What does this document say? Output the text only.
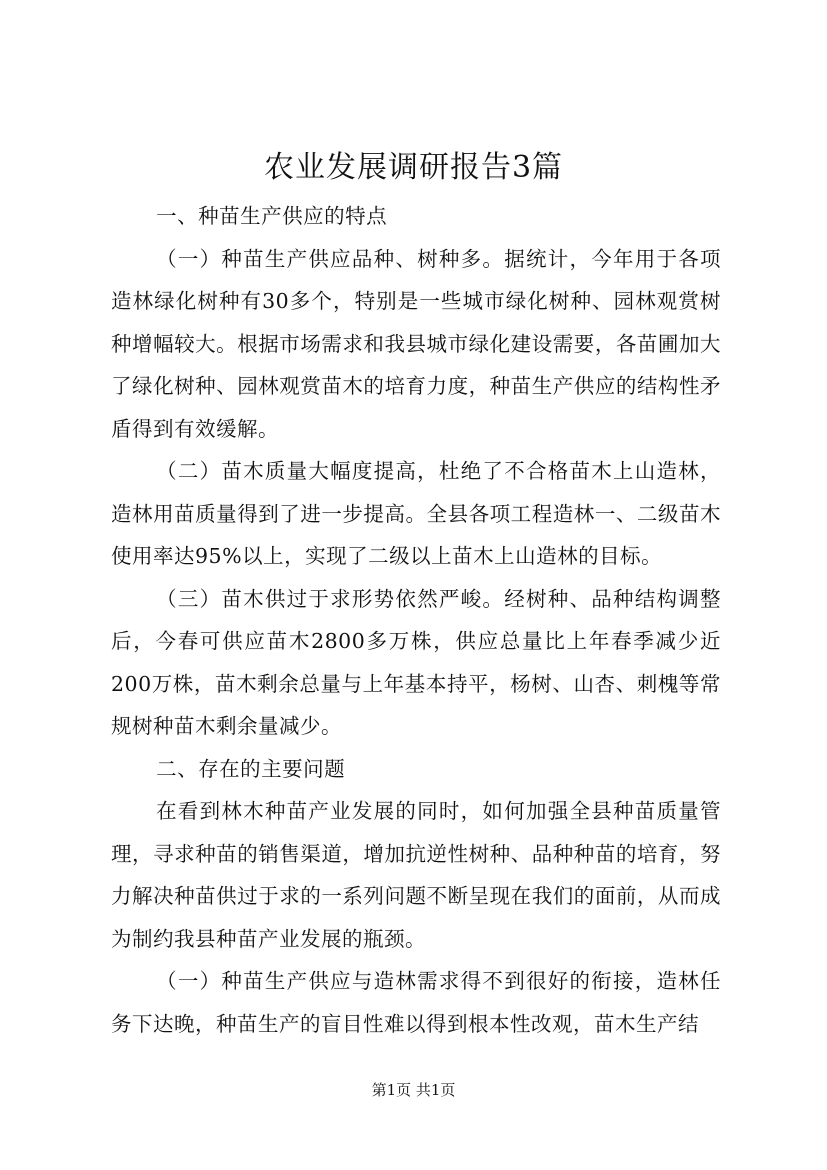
农业发展调研报告3篇

一、种苗生产供应的特点

（一）种苗生产供应品种、树种多。据统计，今年用于各项造林绿化树种有30多个，特别是一些城市绿化树种、园林观赏树种增幅较大。根据市场需求和我县城市绿化建设需要，各苗圃加大了绿化树种、园林观赏苗木的培育力度，种苗生产供应的结构性矛盾得到有效缓解。

（二）苗木质量大幅度提高，杜绝了不合格苗木上山造林，造林用苗质量得到了进一步提高。全县各项工程造林一、二级苗木使用率达95%以上，实现了二级以上苗木上山造林的目标。

（三）苗木供过于求形势依然严峻。经树种、品种结构调整后，今春可供应苗木2800多万株，供应总量比上年春季减少近200万株，苗木剩余总量与上年基本持平，杨树、山杏、刺槐等常规树种苗木剩余量减少。

二、存在的主要问题

在看到林木种苗产业发展的同时，如何加强全县种苗质量管理，寻求种苗的销售渠道，增加抗逆性树种、品种种苗的培育，努力解决种苗供过于求的一系列问题不断呈现在我们的面前，从而成为制约我县种苗产业发展的瓶颈。

（一）种苗生产供应与造林需求得不到很好的衔接，造林任务下达晚，种苗生产的盲目性难以得到根本性改观，苗木生产结

第1页 共1页
